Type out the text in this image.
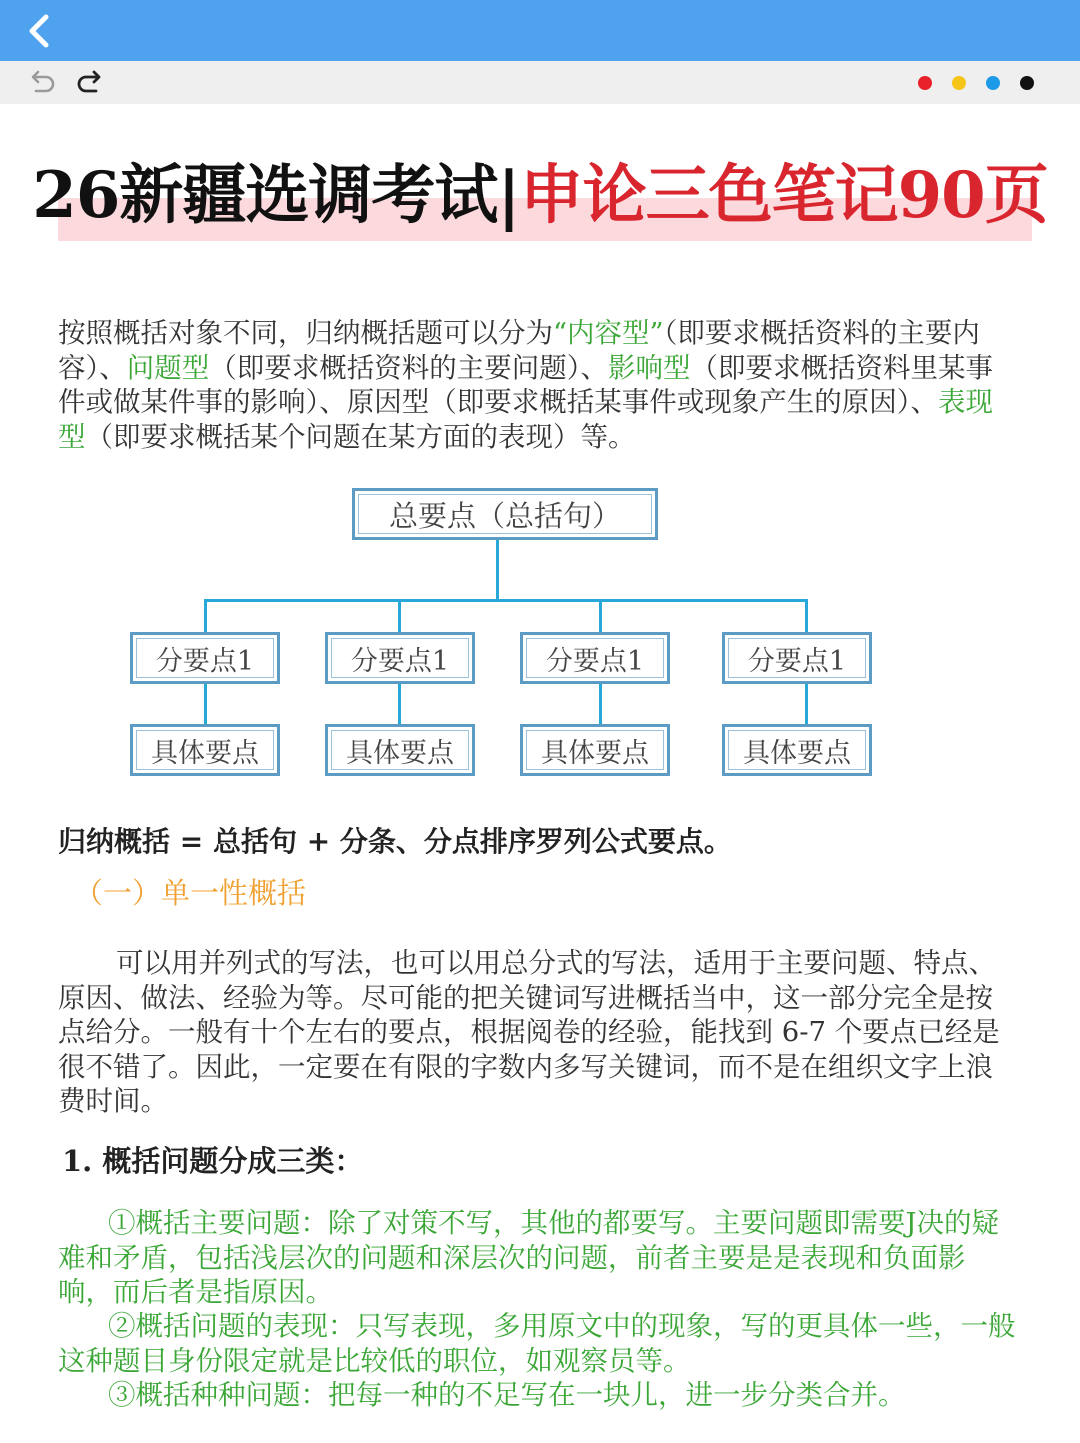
26新疆选调考试|申论三色笔记90页
按照概括对象不同，归纳概括题可以分为“内容型”（即要求概括资料的主要内容）、问题型（即要求概括资料的主要问题）、影响型（即要求概括资料里某事件或做某件事的影响）、原因型（即要求概括某事件或现象产生的原因）、表现型（即要求概括某个问题在某方面的表现）等。
总要点（总括句）
分要点1	分要点1	分要点1	分要点1
具体要点	具体要点	具体要点	具体要点
归纳概括 = 总括句 + 分条、分点排序罗列公式要点。
（一）单一性概括
可以用并列式的写法，也可以用总分式的写法，适用于主要问题、特点、原因、做法、经验为等。尽可能的把关键词写进概括当中，这一部分完全是按点给分。一般有十个左右的要点，根据阅卷的经验，能找到 6-7 个要点已经是很不错了。因此，一定要在有限的字数内多写关键词，而不是在组织文字上浪费时间。
1. 概括问题分成三类：
①概括主要问题：除了对策不写，其他的都要写。主要问题即需要J决的疑难和矛盾，包括浅层次的问题和深层次的问题，前者主要是是表现和负面影响，而后者是指原因。
②概括问题的表现：只写表现，多用原文中的现象，写的更具体一些，一般这种题目身份限定就是比较低的职位，如观察员等。
③概括种种问题：把每一种的不足写在一块儿，进一步分类合并。
